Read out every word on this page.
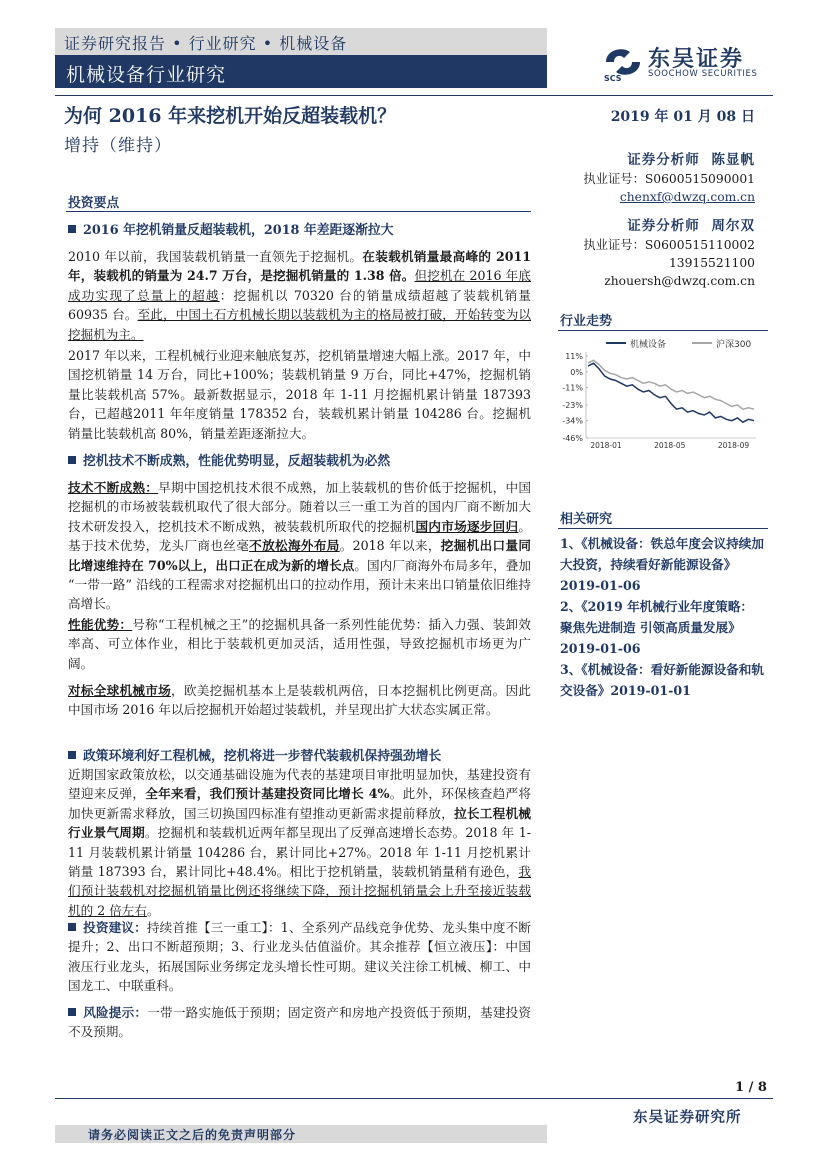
证券研究报告 • 行业研究 • 机械设备
机械设备行业研究	SCS
东吴证券
SOOCHOW SECURITIES
为何 2016 年来挖机开始反超装载机？
增持（维持）
2019 年 01 月 08 日
证券分析师 陈显帆
执业证号：S0600515090001
chenxf@dwzq.com.cn
证券分析师 周尔双
执业证号：S0600515110002
13915521100
zhouersh@dwzq.com.cn
行业走势
机械设备	沪深300
11%
0%
-11%
-23%
-34%
-46%
2018-01	2018-05	2018-09
相关研究
1、《机械设备：铁总年度会议持续加大投资，持续看好新能源设备》2019-01-06
2、《2019 年机械行业年度策略：聚焦先进制造 引领高质量发展》2019-01-06
3、《机械设备：看好新能源设备和轨交设备》2019-01-01
投资要点
2016 年挖机销量反超装载机，2018 年差距逐渐拉大
2010 年以前，我国装载机销量一直领先于挖掘机。在装载机销量最高峰的 2011 年，装载机的销量为 24.7 万台，是挖掘机销量的 1.38 倍。但挖机在 2016 年底成功实现了总量上的超越：挖掘机以 70320 台的销量成绩超越了装载机销量 60935 台。至此，中国土石方机械长期以装载机为主的格局被打破，开始转变为以挖掘机为主。
2017 年以来，工程机械行业迎来触底复苏，挖机销量增速大幅上涨。2017 年，中国挖机销量 14 万台，同比+100%；装载机销量 9 万台，同比+47%，挖掘机销量比装载机高 57%。最新数据显示，2018 年 1-11 月挖掘机累计销量 187393 台，已超越2011 年年度销量 178352 台，装载机累计销量 104286 台。挖掘机销量比装载机高 80%，销量差距逐渐拉大。
挖机技术不断成熟，性能优势明显，反超装载机为必然
技术不断成熟：早期中国挖机技术很不成熟，加上装载机的售价低于挖掘机，中国挖掘机的市场被装载机取代了很大部分。随着以三一重工为首的国内厂商不断加大技术研发投入，挖机技术不断成熟，被装载机所取代的挖掘机国内市场逐步回归。基于技术优势，龙头厂商也丝毫不放松海外布局。2018 年以来，挖掘机出口量同比增速维持在 70%以上，出口正在成为新的增长点。国内厂商海外布局多年，叠加 “一带一路” 沿线的工程需求对挖掘机出口的拉动作用，预计未来出口销量依旧维持高增长。
性能优势：号称“工程机械之王”的挖掘机具备一系列性能优势：插入力强、装卸效率高、可立体作业，相比于装载机更加灵活，适用性强，导致挖掘机市场更为广阔。
对标全球机械市场，欧美挖掘机基本上是装载机两倍，日本挖掘机比例更高。因此中国市场 2016 年以后挖掘机开始超过装载机，并呈现出扩大状态实属正常。
政策环境利好工程机械，挖机将进一步替代装载机保持强劲增长
近期国家政策放松，以交通基础设施为代表的基建项目审批明显加快，基建投资有望迎来反弹，全年来看，我们预计基建投资同比增长 4%。此外，环保核查趋严将加快更新需求释放，国三切换国四标准有望推动更新需求提前释放，拉长工程机械行业景气周期。挖掘机和装载机近两年都呈现出了反弹高速增长态势。2018 年 1-11 月装载机累计销量 104286 台，累计同比+27%。2018 年 1-11 月挖机累计销量 187393 台，累计同比+48.4%。相比于挖机销量，装载机销量稍有逊色，我们预计装载机对挖掘机销量比例还将继续下降，预计挖掘机销量会上升至接近装载机的 2 倍左右。
投资建议：持续首推【三一重工】：1、全系列产品线竞争优势、龙头集中度不断提升；2、出口不断超预期；3、行业龙头估值溢价。其余推荐【恒立液压】：中国液压行业龙头，拓展国际业务绑定龙头增长性可期。建议关注徐工机械、柳工、中国龙工、中联重科。
风险提示：一带一路实施低于预期；固定资产和房地产投资低于预期，基建投资不及预期。
1 / 8
东吴证券研究所
请务必阅读正文之后的免责声明部分
